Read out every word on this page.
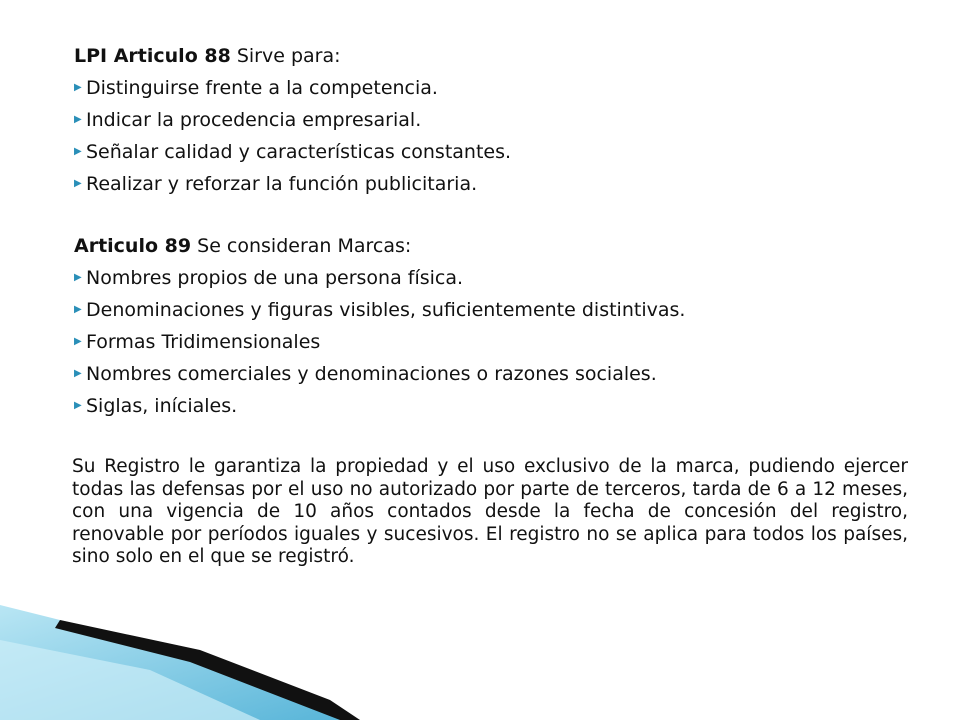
LPI Articulo 88 Sirve para:
▶ Distinguirse frente a la competencia.
▶ Indicar la procedencia empresarial.
▶ Señalar calidad y características constantes.
▶ Realizar y reforzar la función publicitaria.
Articulo 89 Se consideran Marcas:
▶ Nombres propios de una persona física.
▶ Denominaciones y figuras visibles, suficientemente distintivas.
▶ Formas Tridimensionales
▶ Nombres comerciales y denominaciones o razones sociales.
▶ Siglas, iníciales.

Su Registro le garantiza la propiedad y el uso exclusivo de la marca, pudiendo ejercer todas las defensas por el uso no autorizado por parte de terceros, tarda de 6 a 12 meses, con una vigencia de 10 años contados desde la fecha de concesión del registro, renovable por períodos iguales y sucesivos. El registro no se aplica para todos los países, sino solo en el que se registró.
